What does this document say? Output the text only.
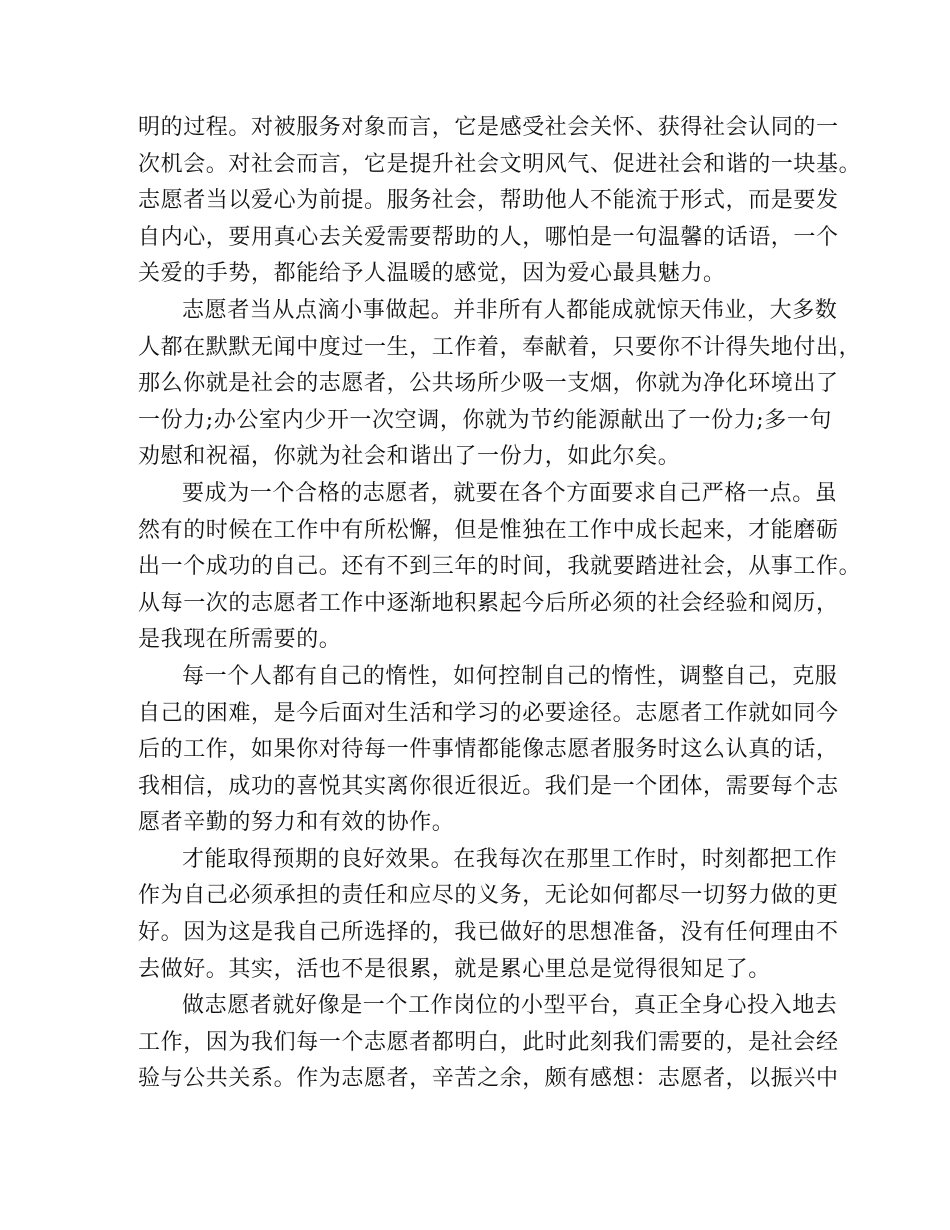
明的过程。对被服务对象而言，它是感受社会关怀、获得社会认同的一
次机会。对社会而言，它是提升社会文明风气、促进社会和谐的一块基。
志愿者当以爱心为前提。服务社会，帮助他人不能流于形式，而是要发
自内心，要用真心去关爱需要帮助的人，哪怕是一句温馨的话语，一个
关爱的手势，都能给予人温暖的感觉，因为爱心最具魅力。
志愿者当从点滴小事做起。并非所有人都能成就惊天伟业，大多数
人都在默默无闻中度过一生，工作着，奉献着，只要你不计得失地付出，
那么你就是社会的志愿者，公共场所少吸一支烟，你就为净化环境出了
一份力;办公室内少开一次空调，你就为节约能源献出了一份力;多一句
劝慰和祝福，你就为社会和谐出了一份力，如此尔矣。
要成为一个合格的志愿者，就要在各个方面要求自己严格一点。虽
然有的时候在工作中有所松懈，但是惟独在工作中成长起来，才能磨砺
出一个成功的自己。还有不到三年的时间，我就要踏进社会，从事工作。
从每一次的志愿者工作中逐渐地积累起今后所必须的社会经验和阅历，
是我现在所需要的。
每一个人都有自己的惰性，如何控制自己的惰性，调整自己，克服
自己的困难，是今后面对生活和学习的必要途径。志愿者工作就如同今
后的工作，如果你对待每一件事情都能像志愿者服务时这么认真的话，
我相信，成功的喜悦其实离你很近很近。我们是一个团体，需要每个志
愿者辛勤的努力和有效的协作。
才能取得预期的良好效果。在我每次在那里工作时，时刻都把工作
作为自己必须承担的责任和应尽的义务，无论如何都尽一切努力做的更
好。因为这是我自己所选择的，我已做好的思想准备，没有任何理由不
去做好。其实，活也不是很累，就是累心里总是觉得很知足了。
做志愿者就好像是一个工作岗位的小型平台，真正全身心投入地去
工作，因为我们每一个志愿者都明白，此时此刻我们需要的，是社会经
验与公共关系。作为志愿者，辛苦之余，颇有感想：志愿者，以振兴中
